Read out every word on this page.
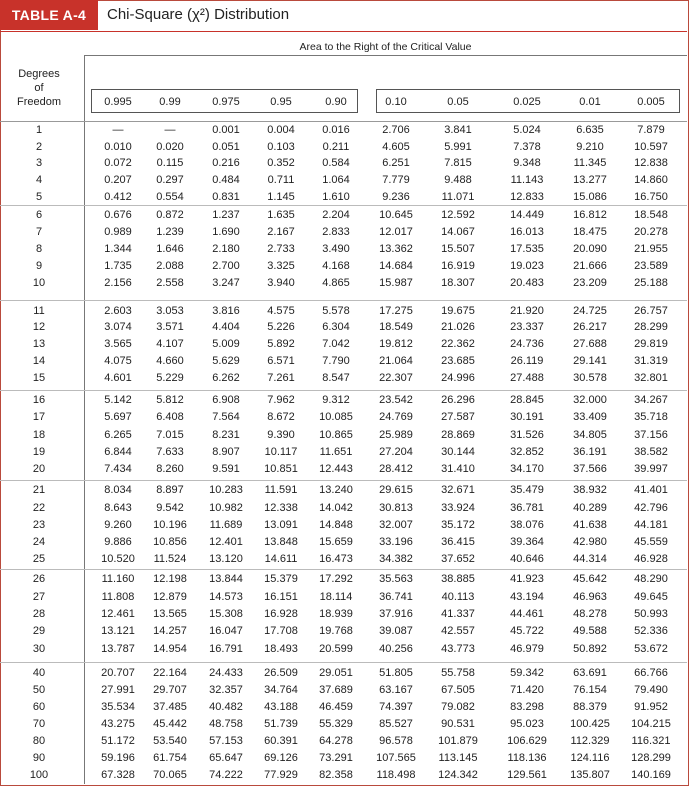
TABLE A-4	Chi-Square (χ²) Distribution
Area to the Right of the Critical Value
Degrees
of
Freedom	0.995	0.99	0.975	0.95	0.90	0.10	0.05	0.025	0.01	0.005
1	—	—	0.001	0.004	0.016	2.706	3.841	5.024	6.635	7.879
2	0.010	0.020	0.051	0.103	0.211	4.605	5.991	7.378	9.210	10.597
3	0.072	0.115	0.216	0.352	0.584	6.251	7.815	9.348	11.345	12.838
4	0.207	0.297	0.484	0.711	1.064	7.779	9.488	11.143	13.277	14.860
5	0.412	0.554	0.831	1.145	1.610	9.236	11.071	12.833	15.086	16.750
6	0.676	0.872	1.237	1.635	2.204	10.645	12.592	14.449	16.812	18.548
7	0.989	1.239	1.690	2.167	2.833	12.017	14.067	16.013	18.475	20.278
8	1.344	1.646	2.180	2.733	3.490	13.362	15.507	17.535	20.090	21.955
9	1.735	2.088	2.700	3.325	4.168	14.684	16.919	19.023	21.666	23.589
10	2.156	2.558	3.247	3.940	4.865	15.987	18.307	20.483	23.209	25.188
11	2.603	3.053	3.816	4.575	5.578	17.275	19.675	21.920	24.725	26.757
12	3.074	3.571	4.404	5.226	6.304	18.549	21.026	23.337	26.217	28.299
13	3.565	4.107	5.009	5.892	7.042	19.812	22.362	24.736	27.688	29.819
14	4.075	4.660	5.629	6.571	7.790	21.064	23.685	26.119	29.141	31.319
15	4.601	5.229	6.262	7.261	8.547	22.307	24.996	27.488	30.578	32.801
16	5.142	5.812	6.908	7.962	9.312	23.542	26.296	28.845	32.000	34.267
17	5.697	6.408	7.564	8.672	10.085	24.769	27.587	30.191	33.409	35.718
18	6.265	7.015	8.231	9.390	10.865	25.989	28.869	31.526	34.805	37.156
19	6.844	7.633	8.907	10.117	11.651	27.204	30.144	32.852	36.191	38.582
20	7.434	8.260	9.591	10.851	12.443	28.412	31.410	34.170	37.566	39.997
21	8.034	8.897	10.283	11.591	13.240	29.615	32.671	35.479	38.932	41.401
22	8.643	9.542	10.982	12.338	14.042	30.813	33.924	36.781	40.289	42.796
23	9.260	10.196	11.689	13.091	14.848	32.007	35.172	38.076	41.638	44.181
24	9.886	10.856	12.401	13.848	15.659	33.196	36.415	39.364	42.980	45.559
25	10.520	11.524	13.120	14.611	16.473	34.382	37.652	40.646	44.314	46.928
26	11.160	12.198	13.844	15.379	17.292	35.563	38.885	41.923	45.642	48.290
27	11.808	12.879	14.573	16.151	18.114	36.741	40.113	43.194	46.963	49.645
28	12.461	13.565	15.308	16.928	18.939	37.916	41.337	44.461	48.278	50.993
29	13.121	14.257	16.047	17.708	19.768	39.087	42.557	45.722	49.588	52.336
30	13.787	14.954	16.791	18.493	20.599	40.256	43.773	46.979	50.892	53.672
40	20.707	22.164	24.433	26.509	29.051	51.805	55.758	59.342	63.691	66.766
50	27.991	29.707	32.357	34.764	37.689	63.167	67.505	71.420	76.154	79.490
60	35.534	37.485	40.482	43.188	46.459	74.397	79.082	83.298	88.379	91.952
70	43.275	45.442	48.758	51.739	55.329	85.527	90.531	95.023	100.425	104.215
80	51.172	53.540	57.153	60.391	64.278	96.578	101.879	106.629	112.329	116.321
90	59.196	61.754	65.647	69.126	73.291	107.565	113.145	118.136	124.116	128.299
100	67.328	70.065	74.222	77.929	82.358	118.498	124.342	129.561	135.807	140.169
